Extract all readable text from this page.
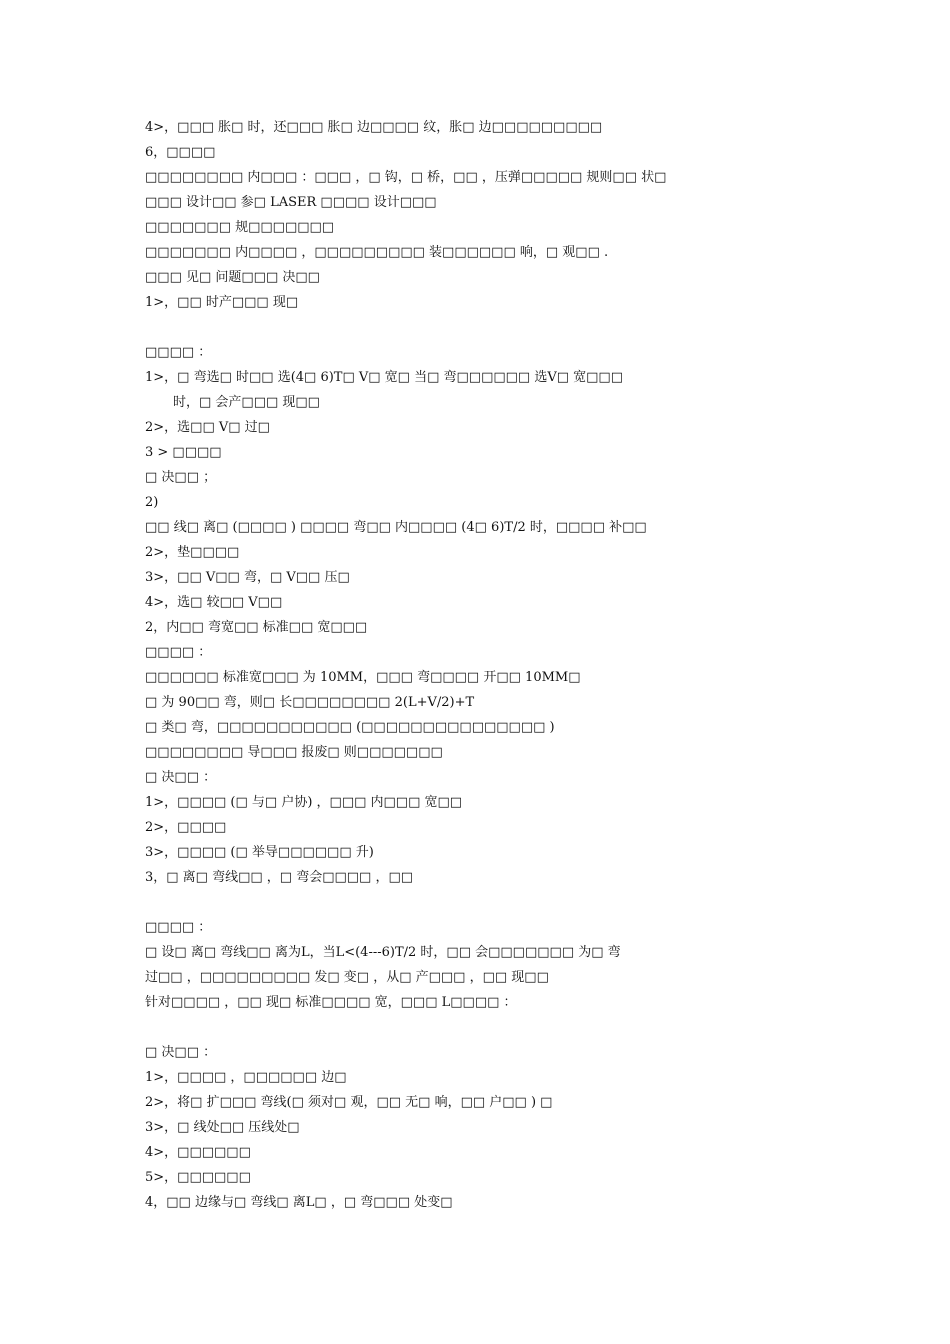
4>，□□□ 胀□ 时，还□□□ 胀□ 边□□□□ 纹，胀□ 边□□□□□□□□□
6，□□□□
□□□□□□□□ 内□□□ ：□□□ ，□ 钩，□ 桥，□□ ，压弹□□□□□ 规则□□ 状□
□□□ 设计□□ 参□ LASER □□□□ 设计□□□
□□□□□□□ 规□□□□□□□
□□□□□□□ 内□□□□ ，□□□□□□□□□ 装□□□□□□ 响，□ 观□□ .
□□□ 见□ 问题□□□ 决□□
1>，□□ 时产□□□ 现□
□□□□ ：
1>，□ 弯选□ 时□□ 选(4□ 6)T□ V□ 宽□ 当□ 弯□□□□□□ 选V□ 宽□□□
时，□ 会产□□□ 现□□
2>，选□□ V□ 过□
3 > □□□□
□ 决□□ ；
2)
□□ 线□ 离□ (□□□□ ) □□□□ 弯□□ 内□□□□ (4□ 6)T/2 时，□□□□ 补□□
2>，垫□□□□
3>，□□ V□□ 弯，□ V□□ 压□
4>，选□ 较□□ V□□
2，内□□ 弯宽□□ 标准□□ 宽□□□
□□□□ ：
□□□□□□ 标准宽□□□ 为 10MM，□□□ 弯□□□□ 开□□ 10MM□
□ 为 90□□ 弯，则□ 长□□□□□□□□ 2(L+V/2)+T
□ 类□ 弯，□□□□□□□□□□□ (□□□□□□□□□□□□□□□ )
□□□□□□□□ 导□□□ 报废□ 则□□□□□□□
□ 决□□ ：
1>，□□□□ (□ 与□ 户协) ，□□□ 内□□□ 宽□□
2>，□□□□
3>，□□□□ (□ 举导□□□□□□ 升)
3，□ 离□ 弯线□□ ，□ 弯会□□□□ ，□□
□□□□ ：
□ 设□ 离□ 弯线□□ 离为L，当L<(4---6)T/2 时，□□ 会□□□□□□□ 为□ 弯
过□□ ，□□□□□□□□□ 发□ 变□ ，从□ 产□□□ ，□□ 现□□
针对□□□□ ，□□ 现□ 标准□□□□ 宽，□□□ L□□□□ ：
□ 决□□ ：
1>，□□□□ ，□□□□□□ 边□
2>，将□ 扩□□□ 弯线(□ 须对□ 观，□□ 无□ 响，□□ 户□□ ) □
3>，□ 线处□□ 压线处□
4>，□□□□□□
5>，□□□□□□
4，□□ 边缘与□ 弯线□ 离L□ ，□ 弯□□□ 处变□
